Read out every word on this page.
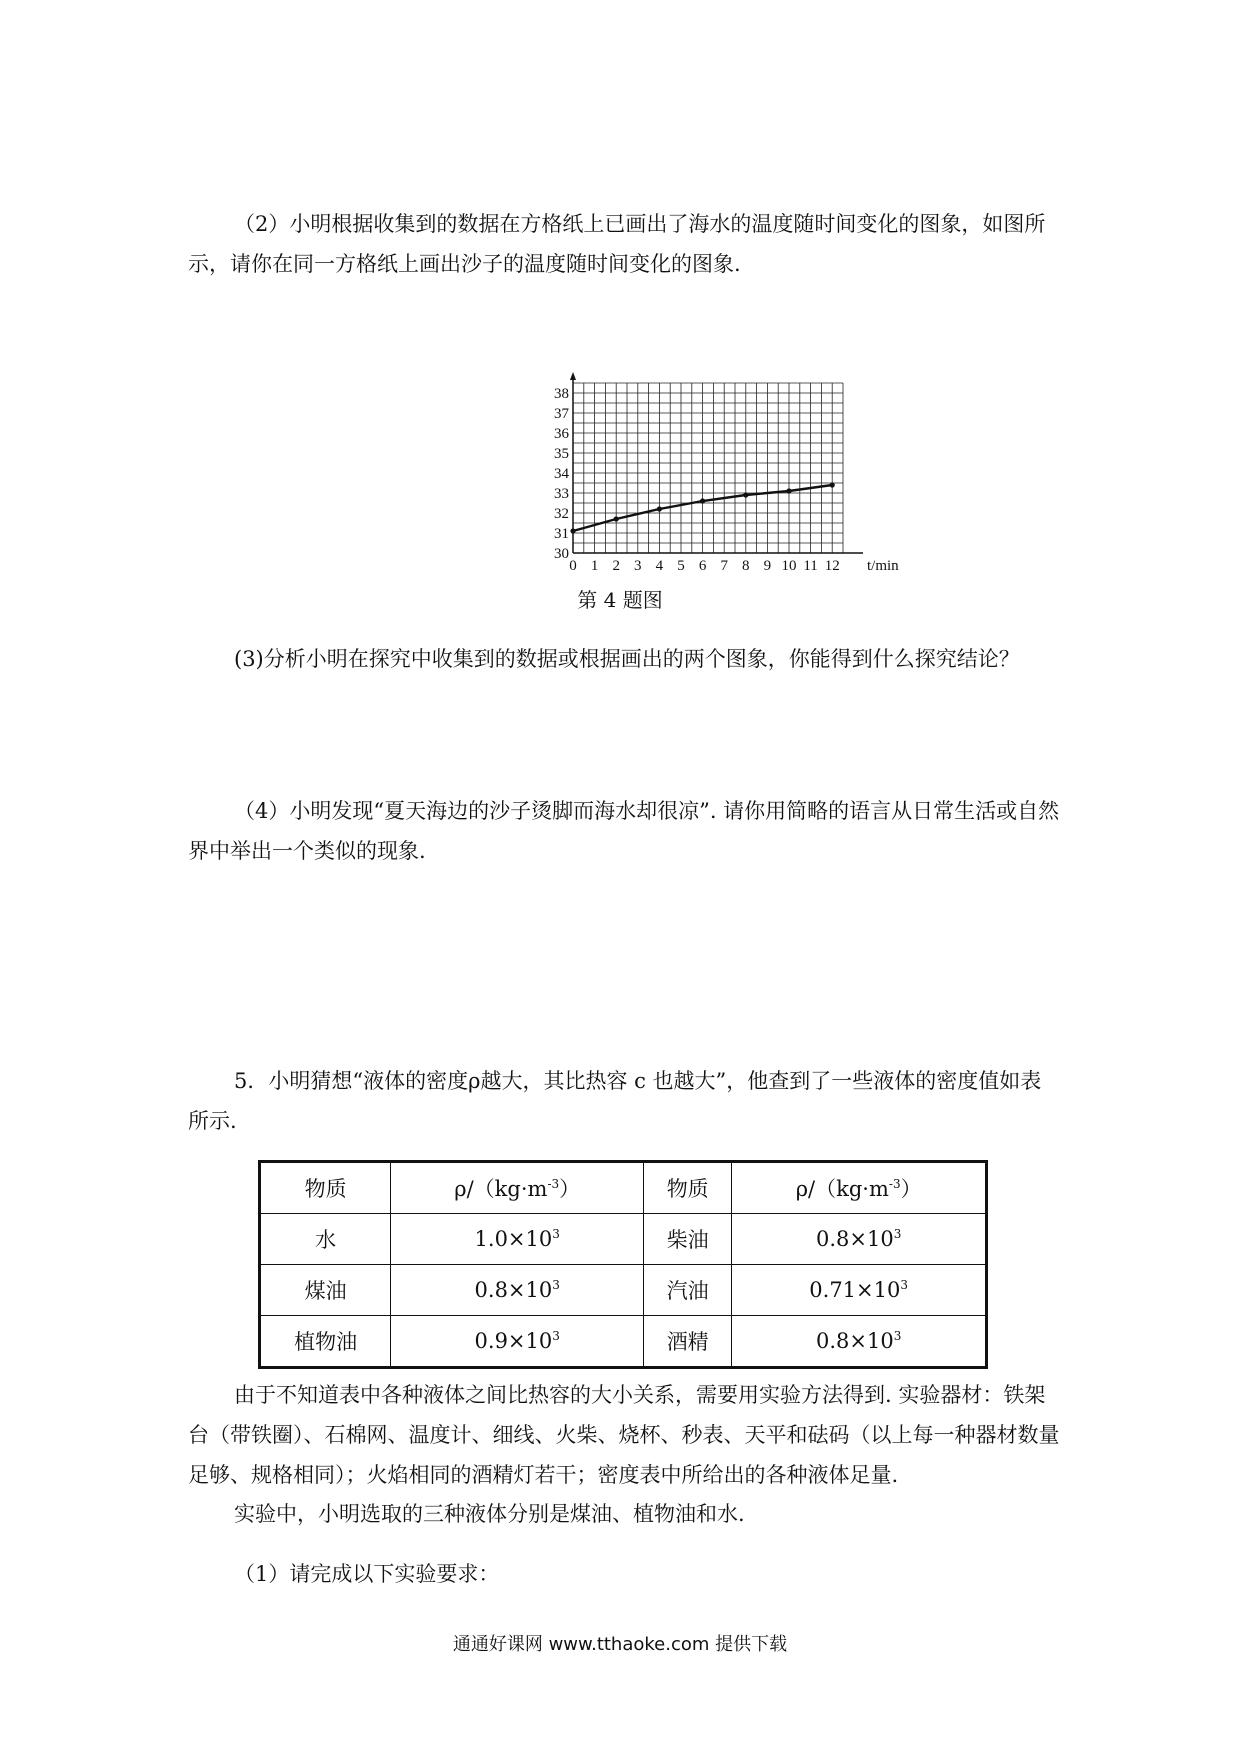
（2）小明根据收集到的数据在方格纸上已画出了海水的温度随时间变化的图象，如图所示，请你在同一方格纸上画出沙子的温度随时间变化的图象.
30
31
32
33
34
35
36
37
38
0 1 2 3 4 5 6 7 8 9 10 11 12 t/min
第 4 题图
(3)分析小明在探究中收集到的数据或根据画出的两个图象，你能得到什么探究结论？
（4）小明发现“夏天海边的沙子烫脚而海水却很凉”. 请你用简略的语言从日常生活或自然界中举出一个类似的现象.
5．小明猜想“液体的密度ρ越大，其比热容 c 也越大”，他查到了一些液体的密度值如表所示.
物质	$\rho/(kg\cdot m^{-3})$	物质	$\rho/(kg\cdot m^{-3})$
水	$1.0\times 10^3$	柴油	$0.8\times 10^3$
煤油	$0.8\times 10^3$	汽油	$0.71\times 10^3$
植物油	$0.9\times 10^3$	酒精	$0.8\times 10^3$
由于不知道表中各种液体之间比热容的大小关系，需要用实验方法得到. 实验器材：铁架台（带铁圈）、石棉网、温度计、细线、火柴、烧杯、秒表、天平和砝码（以上每一种器材数量足够、规格相同）；火焰相同的酒精灯若干；密度表中所给出的各种液体足量.
实验中，小明选取的三种液体分别是煤油、植物油和水.
（1）请完成以下实验要求：
通通好课网 www.tthaoke.com 提供下载
